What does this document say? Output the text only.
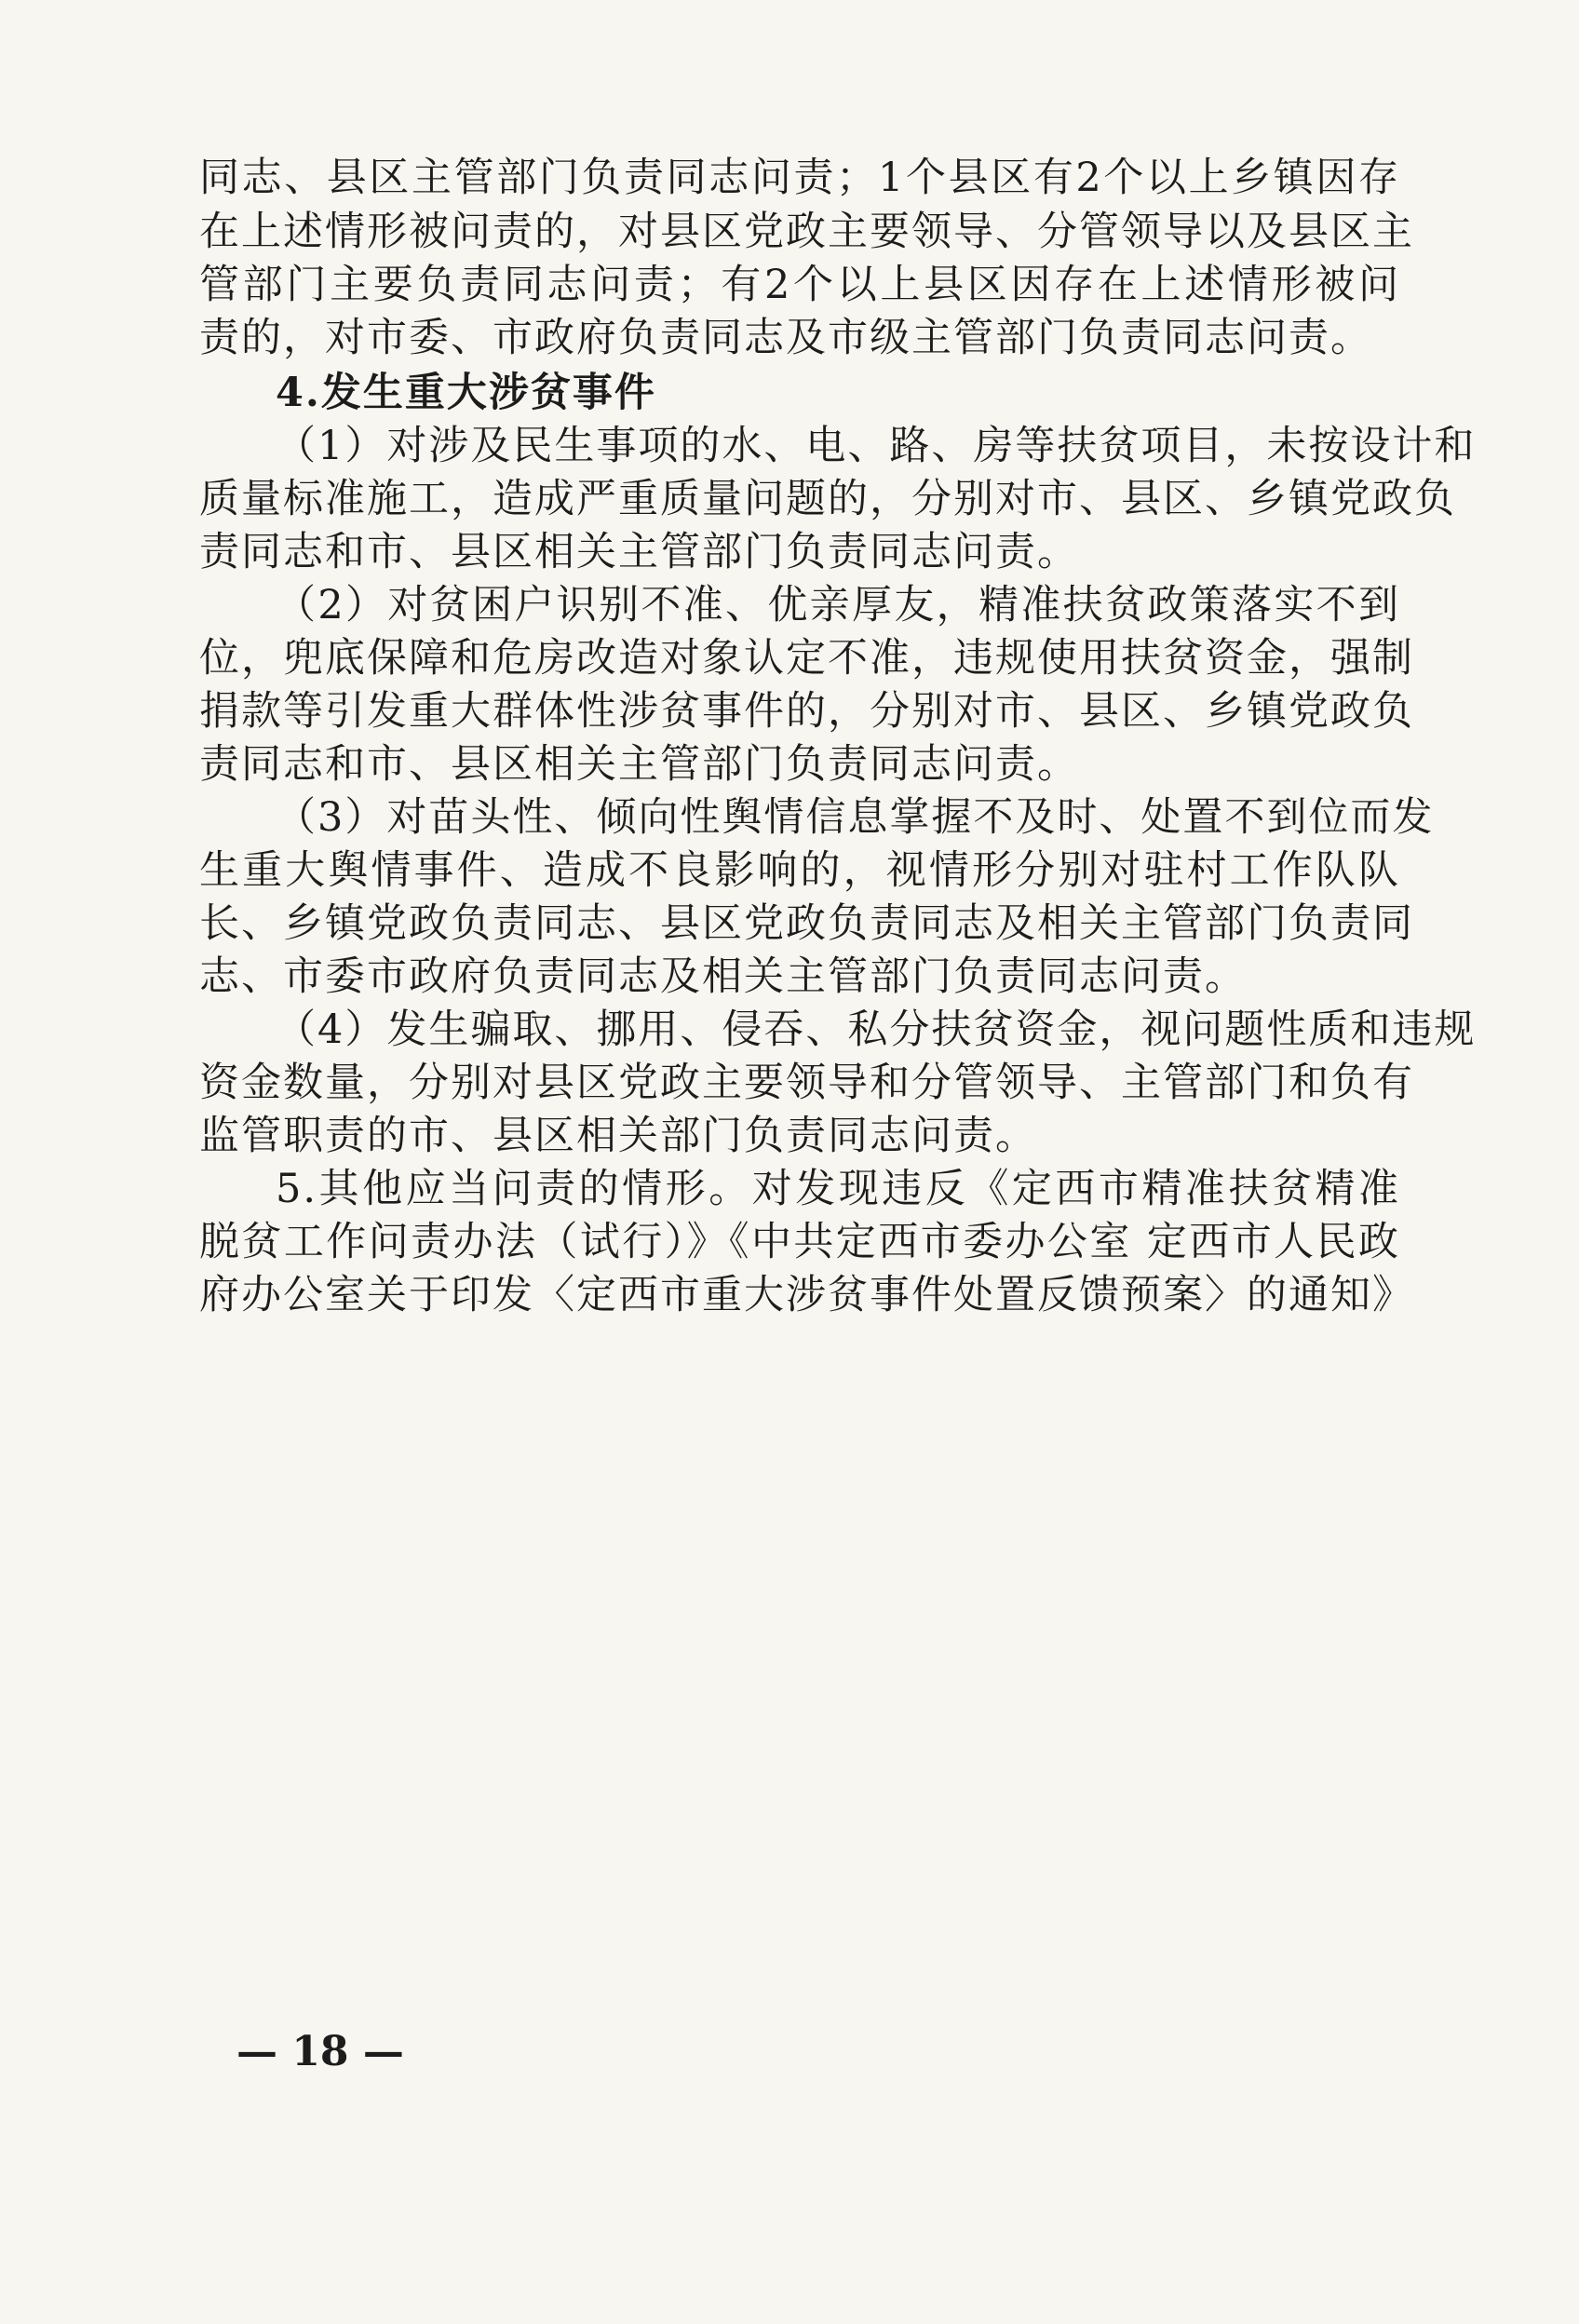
同志、县区主管部门负责同志问责；1个县区有2个以上乡镇因存
在上述情形被问责的，对县区党政主要领导、分管领导以及县区主
管部门主要负责同志问责；有2个以上县区因存在上述情形被问
责的，对市委、市政府负责同志及市级主管部门负责同志问责。
4.发生重大涉贫事件
（1）对涉及民生事项的水、电、路、房等扶贫项目，未按设计和
质量标准施工，造成严重质量问题的，分别对市、县区、乡镇党政负
责同志和市、县区相关主管部门负责同志问责。
（2）对贫困户识别不准、优亲厚友，精准扶贫政策落实不到
位，兜底保障和危房改造对象认定不准，违规使用扶贫资金，强制
捐款等引发重大群体性涉贫事件的，分别对市、县区、乡镇党政负
责同志和市、县区相关主管部门负责同志问责。
（3）对苗头性、倾向性舆情信息掌握不及时、处置不到位而发
生重大舆情事件、造成不良影响的，视情形分别对驻村工作队队
长、乡镇党政负责同志、县区党政负责同志及相关主管部门负责同
志、市委市政府负责同志及相关主管部门负责同志问责。
（4）发生骗取、挪用、侵吞、私分扶贫资金，视问题性质和违规
资金数量，分别对县区党政主要领导和分管领导、主管部门和负有
监管职责的市、县区相关部门负责同志问责。
5.其他应当问责的情形。对发现违反《定西市精准扶贫精准
脱贫工作问责办法（试行）》《中共定西市委办公室 定西市人民政
府办公室关于印发〈定西市重大涉贫事件处置反馈预案〉的通知》
— 18 —
